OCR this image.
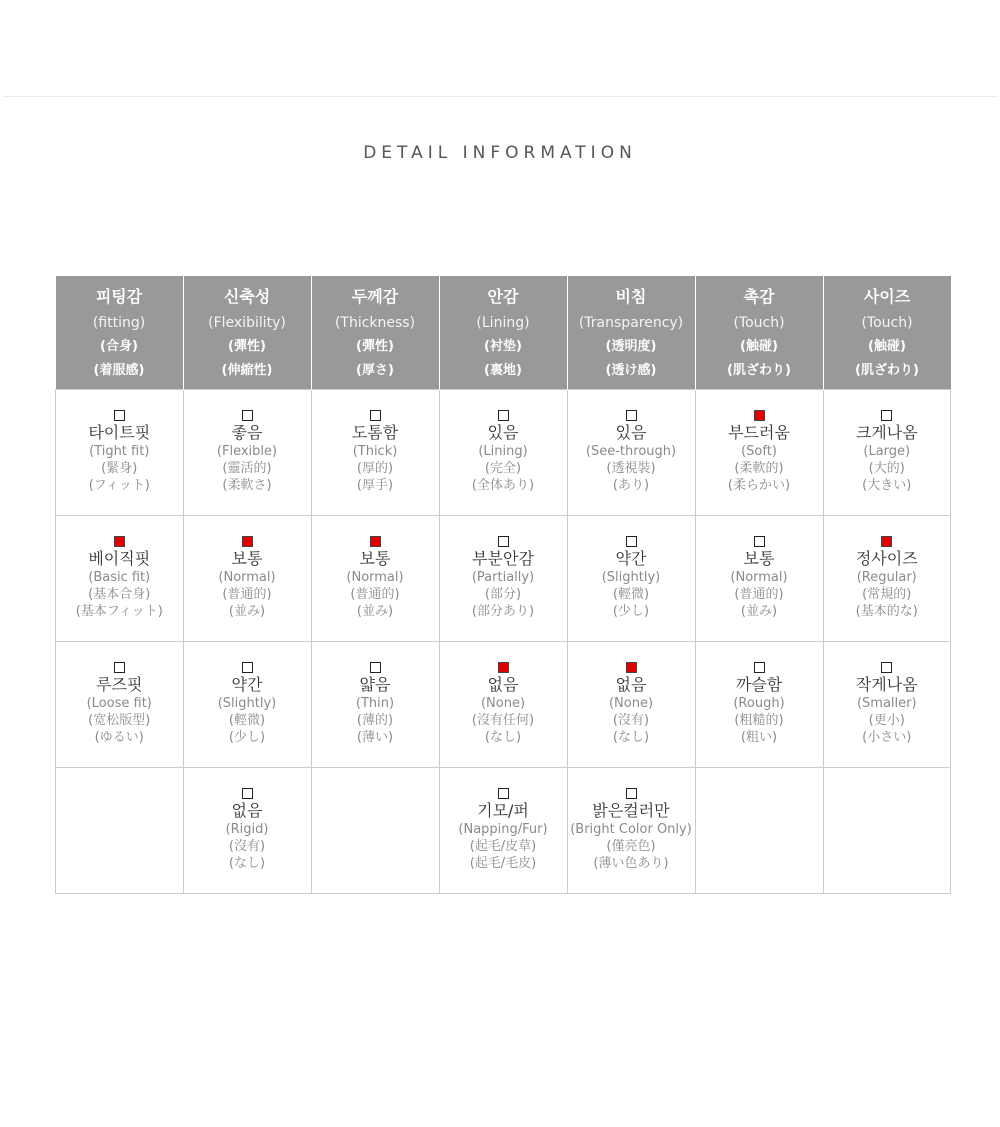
DETAIL INFORMATION
피팅감
(fitting)
(合身)
(着服感)	신축성
(Flexibility)
(彈性)
(伸縮性)	두께감
(Thickness)
(彈性)
(厚さ)	안감
(Lining)
(衬垫)
(裏地)	비침
(Transparency)
(透明度)
(透け感)	촉감
(Touch)
(触碰)
(肌ざわり)	사이즈
(Touch)
(触碰)
(肌ざわり)

타이트핏
(Tight fit)
(緊身)
(フィット)	좋음
(Flexible)
(靈活的)
(柔軟さ)	도톰함
(Thick)
(厚的)
(厚手)	있음
(Lining)
(完全)
(全体あり)	있음
(See-through)
(透視裝)
(あり)	부드러움
(Soft)
(柔軟的)
(柔らかい)	크게나옴
(Large)
(大的)
(大きい)

베이직핏
(Basic fit)
(基本合身)
(基本フィット)	보통
(Normal)
(普通的)
(並み)	보통
(Normal)
(普通的)
(並み)	부분안감
(Partially)
(部分)
(部分あり)	약간
(Slightly)
(輕微)
(少し)	보통
(Normal)
(普通的)
(並み)	정사이즈
(Regular)
(常規的)
(基本的な)

루즈핏
(Loose fit)
(宽松版型)
(ゆるい)	약간
(Slightly)
(輕微)
(少し)	얇음
(Thin)
(薄的)
(薄い)	없음
(None)
(沒有任何)
(なし)	없음
(None)
(沒有)
(なし)	까슬함
(Rough)
(粗糙的)
(粗い)	작게나옴
(Smaller)
(更小)
(小さい)

	없음
(Rigid)
(沒有)
(なし)		기모/퍼
(Napping/Fur)
(起毛/皮草)
(起毛/毛皮)	밝은컬러만
(Bright Color Only)
(僅亮色)
(薄い色あり)		
